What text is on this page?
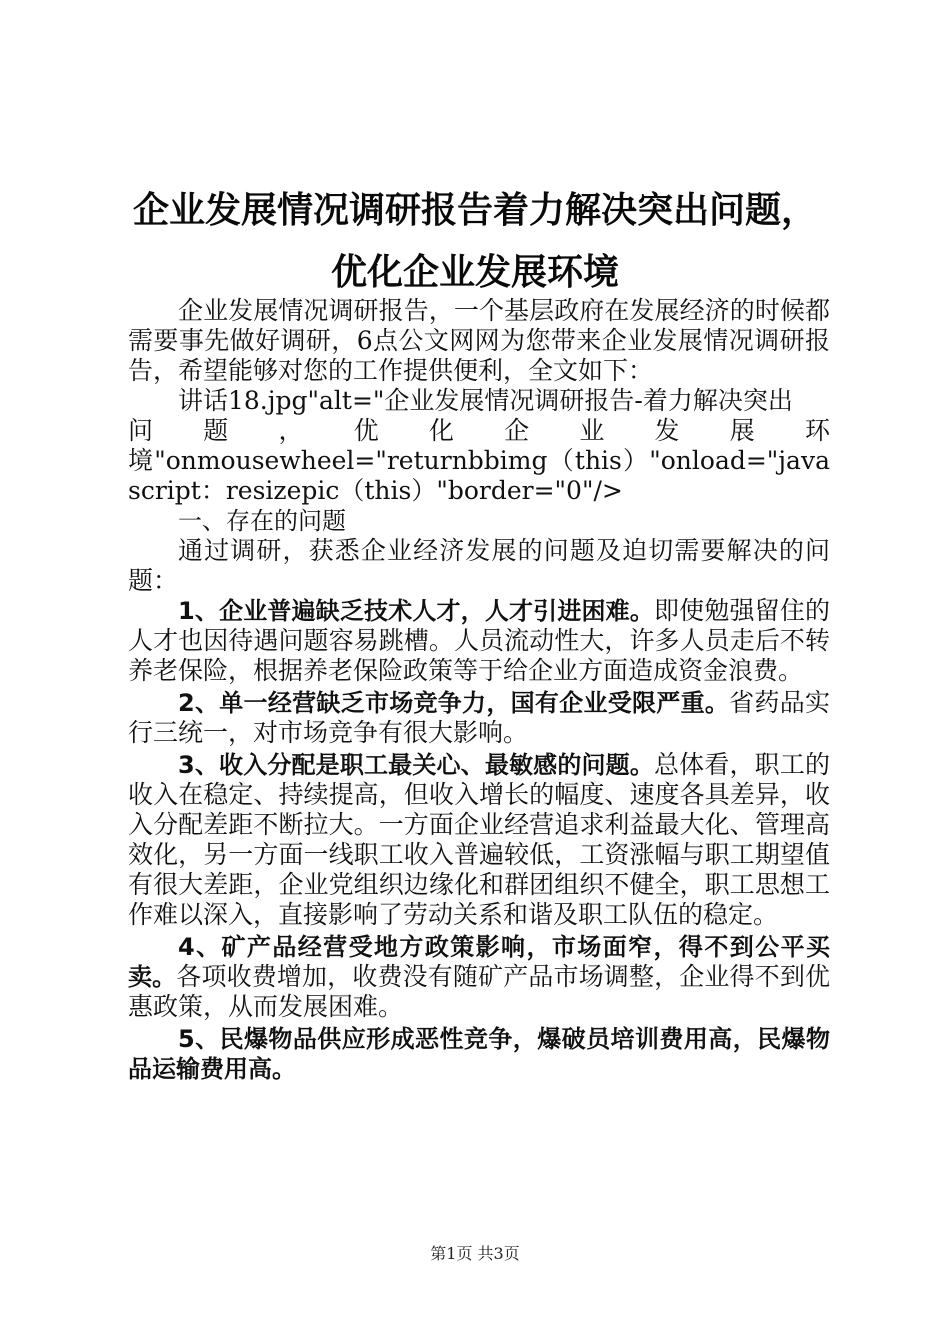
企业发展情况调研报告着力解决突出问题，优化企业发展环境

企业发展情况调研报告，一个基层政府在发展经济的时候都需要事先做好调研，6点公文网网为您带来企业发展情况调研报告，希望能够对您的工作提供便利，全文如下：

讲话18.jpg"alt="企业发展情况调研报告-着力解决突出

问 题 ， 优 化 企 业 发 展 环

境"onmousewheel="returnbbimg（this）"onload="javascript：resizepic（this）"border="0"/>

一、存在的问题

通过调研，获悉企业经济发展的问题及迫切需要解决的问题：

1、企业普遍缺乏技术人才，人才引进困难。即使勉强留住的人才也因待遇问题容易跳槽。人员流动性大，许多人员走后不转养老保险，根据养老保险政策等于给企业方面造成资金浪费。

2、单一经营缺乏市场竞争力，国有企业受限严重。省药品实行三统一，对市场竞争有很大影响。

3、收入分配是职工最关心、最敏感的问题。总体看，职工的收入在稳定、持续提高，但收入增长的幅度、速度各具差异，收入分配差距不断拉大。一方面企业经营追求利益最大化、管理高效化，另一方面一线职工收入普遍较低，工资涨幅与职工期望值有很大差距，企业党组织边缘化和群团组织不健全，职工思想工作难以深入，直接影响了劳动关系和谐及职工队伍的稳定。

4、矿产品经营受地方政策影响，市场面窄，得不到公平买卖。各项收费增加，收费没有随矿产品市场调整，企业得不到优惠政策，从而发展困难。

5、民爆物品供应形成恶性竞争，爆破员培训费用高，民爆物品运输费用高。

第1页 共3页
